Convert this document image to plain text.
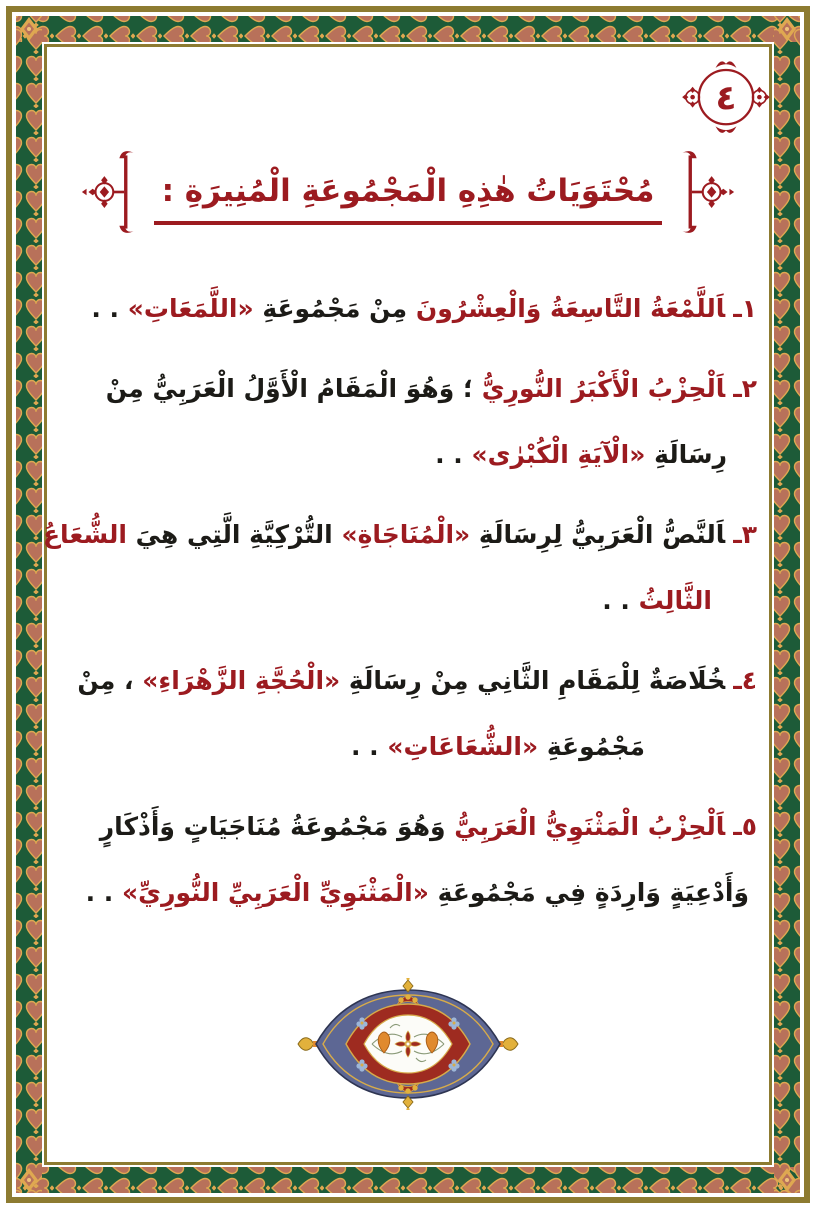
٤
مُحْتَوَيَاتُ هٰذِهِ الْمَجْمُوعَةِ الْمُنِيرَةِ :
١ـاَللَّمْعَةُ التَّاسِعَةُ وَالْعِشْرُونَ مِنْ مَجْمُوعَةِ «اللَّمَعَاتِ» . .
٢ـاَلْحِزْبُ الْأَكْبَرُ النُّورِيُّ ؛ وَهُوَ الْمَقَامُ الْأَوَّلُ الْعَرَبِيُّ مِنْ
رِسَالَةِ «الْآيَةِ الْكُبْرٰى» . .
٣ـاَلنَّصُّ الْعَرَبِيُّ لِرِسَالَةِ «الْمُنَاجَاةِ» التُّرْكِيَّةِ الَّتِي هِيَ الشُّعَاعُ
الثَّالِثُ . .
٤ـخُلَاصَةٌ لِلْمَقَامِ الثَّانِي مِنْ رِسَالَةِ «الْحُجَّةِ الزَّهْرَاءِ» ، مِنْ
مَجْمُوعَةِ «الشُّعَاعَاتِ» . .
٥ـاَلْحِزْبُ الْمَثْنَوِيُّ الْعَرَبِيُّ وَهُوَ مَجْمُوعَةُ مُنَاجَيَاتٍ وَأَذْكَارٍ
وَأَدْعِيَةٍ وَارِدَةٍ فِي مَجْمُوعَةِ «الْمَثْنَوِيِّ الْعَرَبِيِّ النُّورِيِّ» . .
